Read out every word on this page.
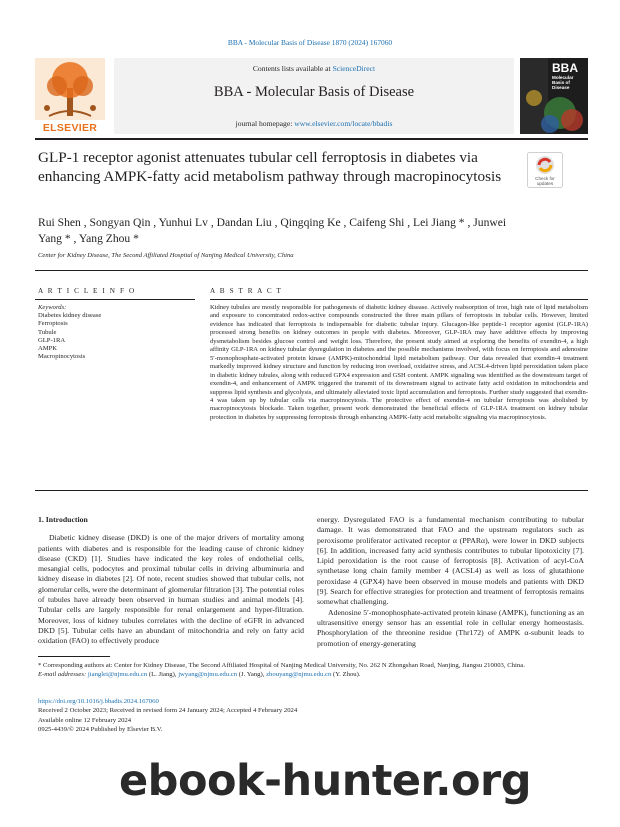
BBA - Molecular Basis of Disease 1870 (2024) 167060
ELSEVIER
Contents lists available at ScienceDirect
BBA - Molecular Basis of Disease
journal homepage: www.elsevier.com/locate/bbadis
BBA
Molecular Basis of Disease
GLP-1 receptor agonist attenuates tubular cell ferroptosis in diabetes via enhancing AMPK-fatty acid metabolism pathway through macropinocytosis	Check for updates
Rui Shen , Songyan Qin , Yunhui Lv , Dandan Liu , Qingqing Ke , Caifeng Shi , Lei Jiang * , Junwei Yang * , Yang Zhou *
Center for Kidney Disease, The Second Affiliated Hospital of Nanjing Medical University, China
A R T I C L E I N F O	A B S T R A C T
Keywords:
Diabetes kidney disease
Ferroptosis
Tubule
GLP-1RA
AMPK
Macropinocytosis
Kidney tubules are mostly responsible for pathogenesis of diabetic kidney disease. Actively reabsorption of iron, high rate of lipid metabolism and exposure to concentrated redox-active compounds constructed the three main pillars of ferroptosis in tubular cells. However, limited evidence has indicated that ferroptosis is indispensable for diabetic tubular injury. Glucagon-like peptide-1 receptor agonist (GLP-1RA) processed strong benefits on kidney outcomes in people with diabetes. Moreover, GLP-1RA may have additive effects by improving dysmetabolism besides glucose control and weight loss. Therefore, the present study aimed at exploring the benefits of exendin-4, a high affinity GLP-1RA on kidney tubular dysregulation in diabetes and the possible mechanisms involved, with focus on ferroptosis and adenosine 5′-monophosphate-activated protein kinase (AMPK)-mitochondrial lipid metabolism pathway. Our data revealed that exendin-4 treatment markedly improved kidney structure and function by reducing iron overload, oxidative stress, and ACSL4-driven lipid peroxidation taken place in diabetic kidney tubules, along with reduced GPX4 expression and GSH content. AMPK signaling was identified as the downstream target of exendin-4, and enhancement of AMPK triggered the transmit of its downstream signal to activate fatty acid oxidation in mitochondria and suppress lipid synthesis and glycolysis, and ultimately alleviated toxic lipid accumulation and ferroptosis. Further study suggested that exendin-4 was taken up by tubular cells via macropinocytosis. The protective effect of exendin-4 on tubular ferroptosis was abolished by macropinocytosis blockade. Taken together, present work demonstrated the beneficial effects of GLP-1RA treatment on kidney tubular protection in diabetes by suppressing ferroptosis through enhancing AMPK-fatty acid metabolic signaling via macropinocytosis.
1. Introduction

Diabetic kidney disease (DKD) is one of the major drivers of mortality among patients with diabetes and is responsible for the leading cause of chronic kidney disease (CKD) [1]. Studies have indicated the key roles of endothelial cells, mesangial cells, podocytes and proximal tubular cells in driving albuminuria and kidney disease in diabetes [2]. Of note, recent studies showed that tubular cells, not glomerular cells, were the determinant of glomerular filtration [3]. The potential roles of tubules have already been observed in human studies and animal models [4]. Tubular cells are largely responsible for renal enlargement and hyper-filtration. Moreover, loss of kidney tubules correlates with the decline of eGFR in advanced DKD [5]. Tubular cells have an abundant of mitochondria and rely on fatty acid oxidation (FAO) to effectively produce

energy. Dysregulated FAO is a fundamental mechanism contributing to tubular damage. It was demonstrated that FAO and the upstream regulators such as peroxisome proliferator activated receptor α (PPARα), were lower in DKD subjects [6]. In addition, increased fatty acid synthesis contributes to tubular lipotoxicity [7]. Lipid peroxidation is the root cause of ferroptosis [8]. Activation of acyl-CoA synthetase long chain family member 4 (ACSL4) as well as loss of glutathione peroxidase 4 (GPX4) have been observed in mouse models and patients with DKD [9]. Search for effective strategies for protection and treatment of ferroptosis remains somewhat challenging.

Adenosine 5′-monophosphate-activated protein kinase (AMPK), functioning as an ultrasensitive energy sensor has an essential role in cellular energy homeostasis. Phosphorylation of the threonine residue (Thr172) of AMPK α-subunit leads to promotion of energy-generating

* Corresponding authors at: Center for Kidney Disease, The Second Affiliated Hospital of Nanjing Medical University, No. 262 N Zhongshan Road, Nanjing, Jiangsu 210003, China.
E-mail addresses: jianglei@njmu.edu.cn (L. Jiang), jwyang@njmu.edu.cn (J. Yang), zhouyang@njmu.edu.cn (Y. Zhou).
https://doi.org/10.1016/j.bbadis.2024.167060
Received 2 October 2023; Received in revised form 24 January 2024; Accepted 4 February 2024
Available online 12 February 2024
0925-4439/© 2024 Published by Elsevier B.V.
ebook-hunter.org
